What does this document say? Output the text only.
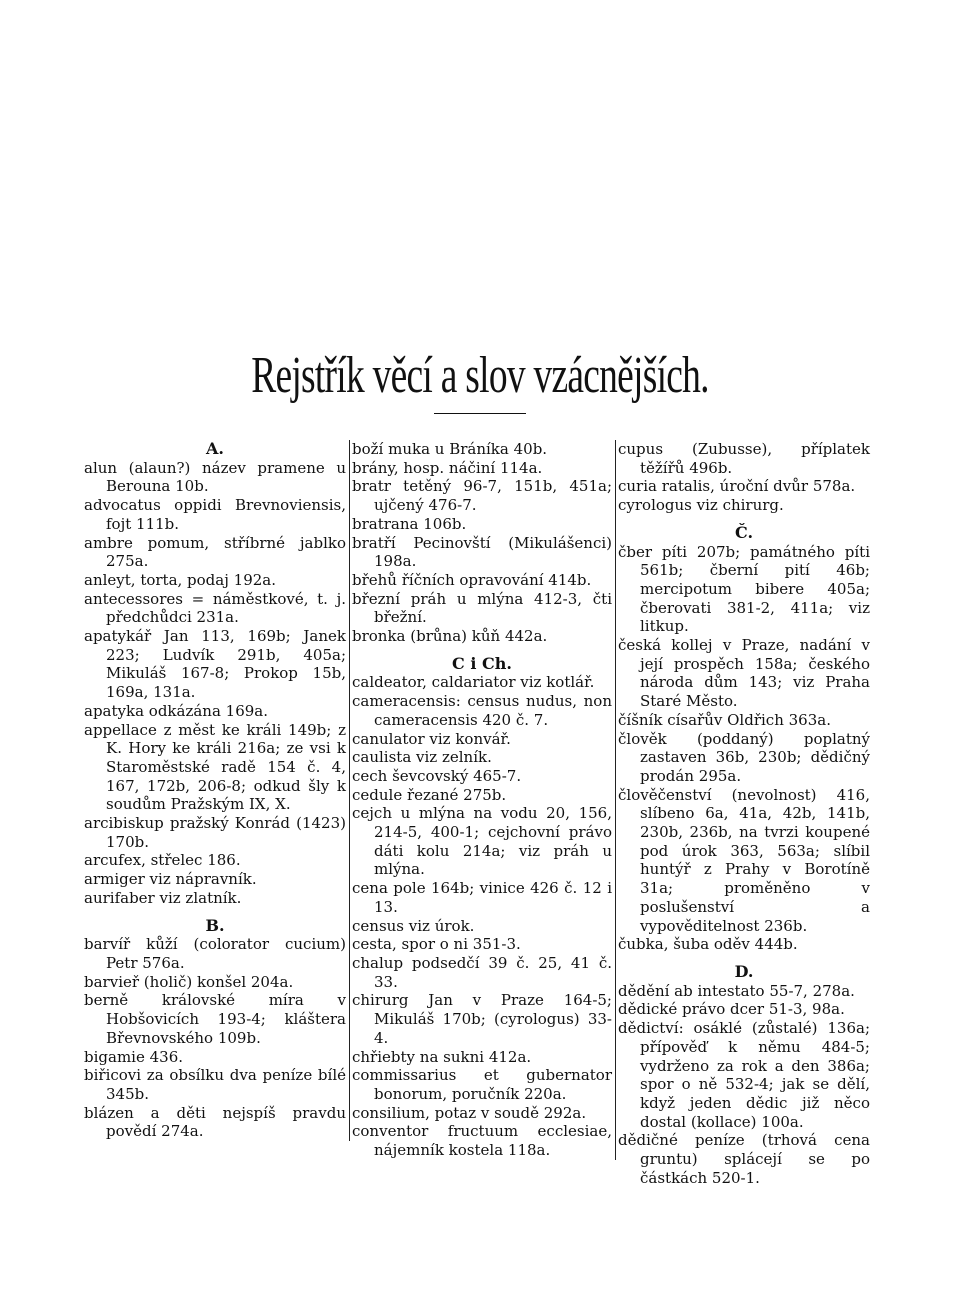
Rejstřík věcí a slov vzácnějších.

A.

alun (alaun?) název pramene u Berouna 10b.

advocatus oppidi Brevnoviensis, fojt 111b.

ambre pomum, stříbrné jablko 275a.

anleyt, torta, podaj 192a.

antecessores = náměstkové, t. j. předchůdci 231a.

apatykář Jan 113, 169b; Janek 223; Ludvík 291b, 405a; Mikuláš 167-8; Prokop 15b, 169a, 131a.

apatyka odkázána 169a.

appellace z měst ke králi 149b; z K. Hory ke králi 216a; ze vsi k Staroměstské radě 154 č. 4, 167, 172b, 206-8; odkud šly k soudům Pražským IX, X.

arcibiskup pražský Konrád (1423) 170b.

arcufex, střelec 186.

armiger viz nápravník.

aurifaber viz zlatník.

B.

barvíř kůží (colorator cucium) Petr 576a.

barvieř (holič) konšel 204a.

berně královské míra v Hobšovicích 193-4; kláštera Břevnovského 109b.

bigamie 436.

biřicovi za obsílku dva peníze bílé 345b.

blázen a děti nejspíš pravdu povědí 274a.

boží muka u Bráníka 40b.

brány, hosp. náčiní 114a.

bratr tetěný 96-7, 151b, 451a; ujčený 476-7.

bratrana 106b.

bratří Pecinovští (Mikulášenci) 198a.

břehů říčních opravování 414b.

březní práh u mlýna 412-3, čti břežní.

bronka (brůna) kůň 442a.

C i Ch.

caldeator, caldariator viz kotlář.

cameracensis: census nudus, non cameracensis 420 č. 7.

canulator viz konvář.

caulista viz zelník.

cech ševcovský 465-7.

cedule řezané 275b.

cejch u mlýna na vodu 20, 156, 214-5, 400-1; cejchovní právo dáti kolu 214a; viz práh u mlýna.

cena pole 164b; vinice 426 č. 12 i 13.

census viz úrok.

cesta, spor o ni 351-3.

chalup podsedčí 39 č. 25, 41 č. 33.

chirurg Jan v Praze 164-5; Mikuláš 170b; (cyrologus) 33-4.

chřiebty na sukni 412a.

commissarius et gubernator bonorum, poručník 220a.

consilium, potaz v soudě 292a.

conventor fructuum ecclesiae, nájemník kostela 118a.

cupus (Zubusse), příplatek těžířů 496b.

curia ratalis, úroční dvůr 578a.

cyrologus viz chirurg.

Č.

čber píti 207b; památného píti 561b; čberní pití 46b; mercipotum bibere 405a; čberovati 381-2, 411a; viz litkup.

česká kollej v Praze, nadání v její prospěch 158a; českého národa dům 143; viz Praha Staré Město.

číšník císařův Oldřich 363a.

člověk (poddaný) poplatný zastaven 36b, 230b; dědičný prodán 295a.

člověčenství (nevolnost) 416, slíbeno 6a, 41a, 42b, 141b, 230b, 236b, na tvrzi koupené pod úrok 363, 563a; slíbil huntýř z Prahy v Borotíně 31a; proměněno v poslušenství a vypověditelnost 236b.

čubka, šuba oděv 444b.

D.

dědění ab intestato 55-7, 278a.

dědické právo dcer 51-3, 98a.

dědictví: osáklé (zůstalé) 136a; přípověď k němu 484-5; vydrženo za rok a den 386a; spor o ně 532-4; jak se dělí, když jeden dědic již něco dostal (kollace) 100a.

dědičné peníze (trhová cena gruntu) splácejí se po částkách 520-1.
